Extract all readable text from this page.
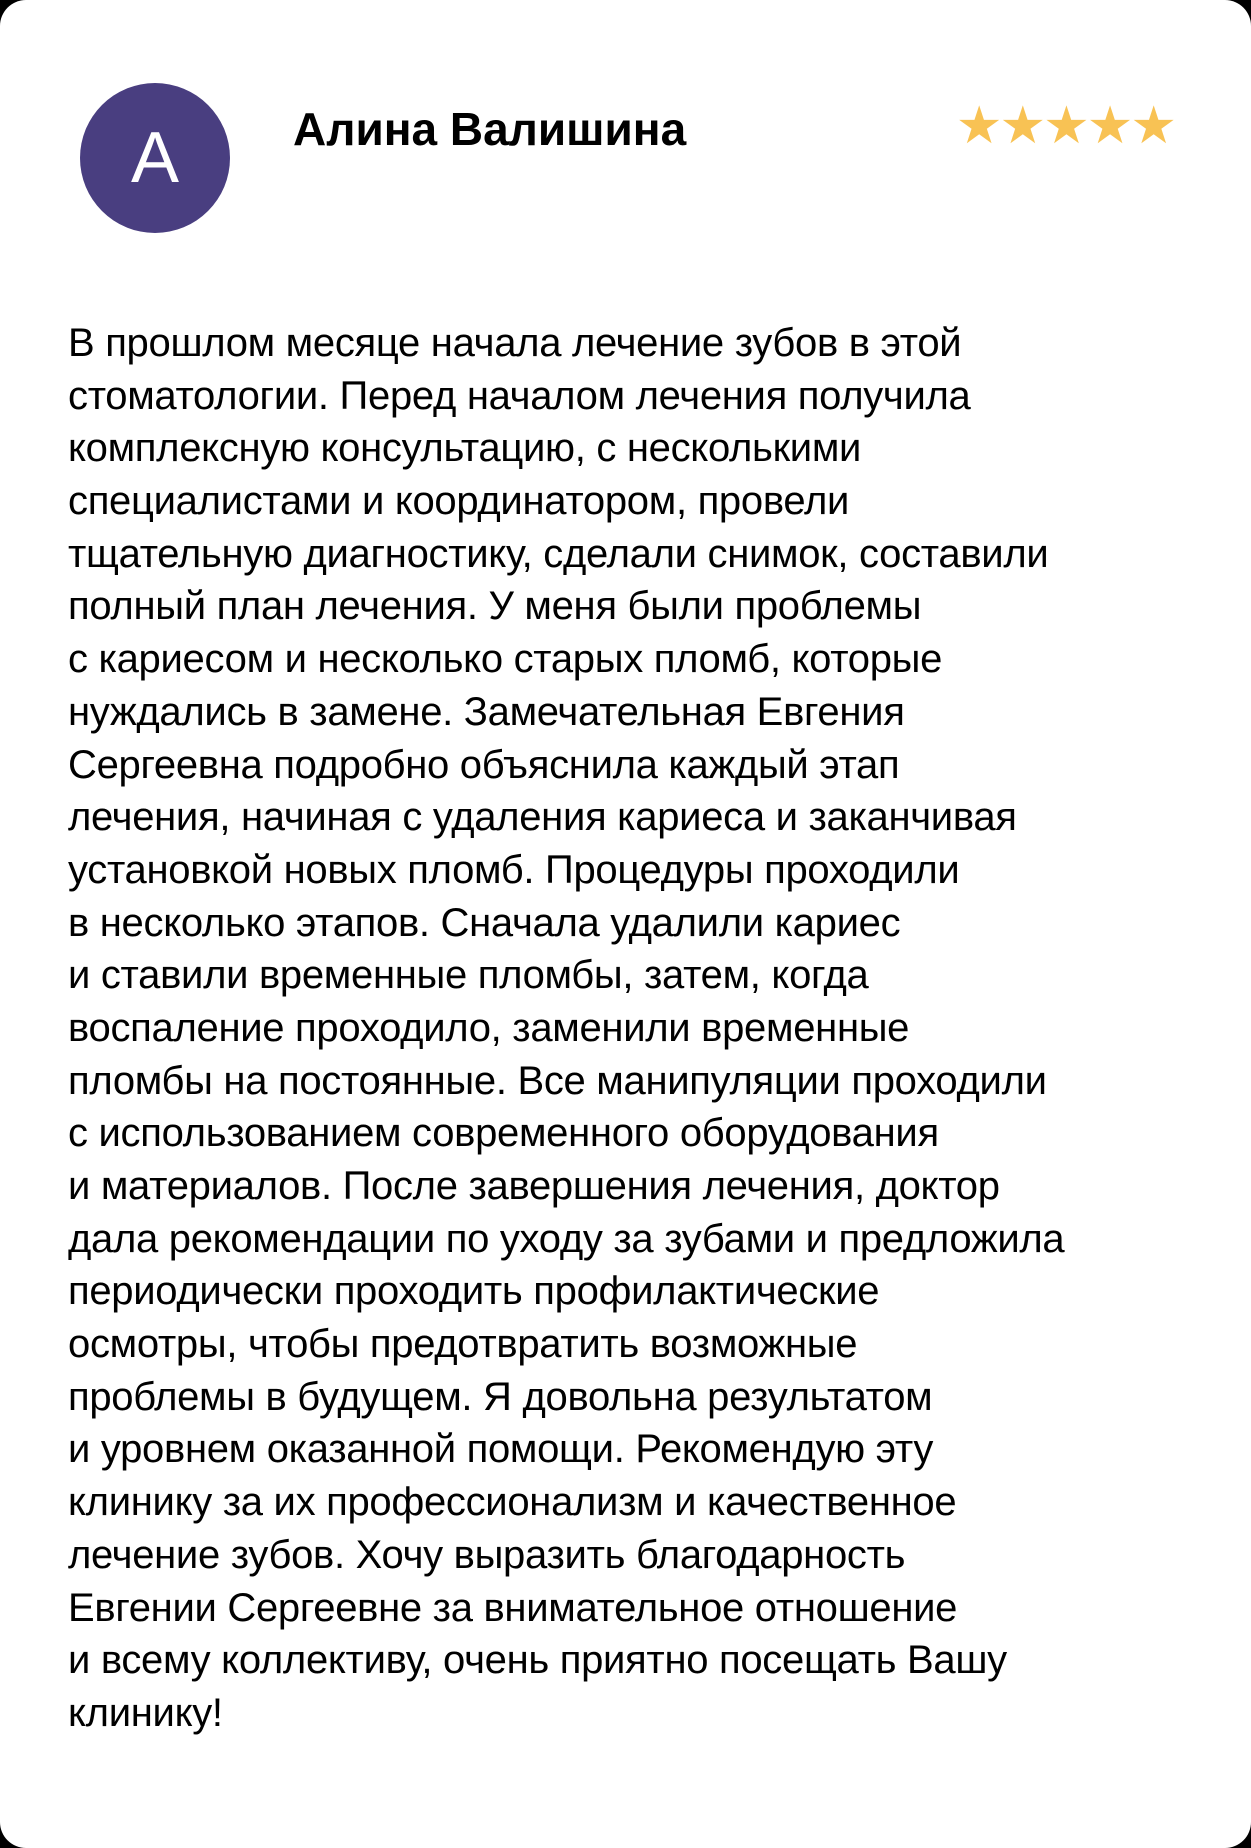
А Алина Валишина	★
★
★
★
★
В прошлом месяце начала лечение зубов в этой
стоматологии. Перед началом лечения получила
комплексную консультацию, с несколькими
специалистами и координатором, провели
тщательную диагностику, сделали снимок, составили
полный план лечения. У меня были проблемы
с кариесом и несколько старых пломб, которые
нуждались в замене. Замечательная Евгения
Сергеевна подробно объяснила каждый этап
лечения, начиная с удаления кариеса и заканчивая
установкой новых пломб. Процедуры проходили
в несколько этапов. Сначала удалили кариес
и ставили временные пломбы, затем, когда
воспаление проходило, заменили временные
пломбы на постоянные. Все манипуляции проходили
с использованием современного оборудования
и материалов. После завершения лечения, доктор
дала рекомендации по уходу за зубами и предложила
периодически проходить профилактические
осмотры, чтобы предотвратить возможные
проблемы в будущем. Я довольна результатом
и уровнем оказанной помощи. Рекомендую эту
клинику за их профессионализм и качественное
лечение зубов. Хочу выразить благодарность
Евгении Сергеевне за внимательное отношение
и всему коллективу, очень приятно посещать Вашу
клинику!
